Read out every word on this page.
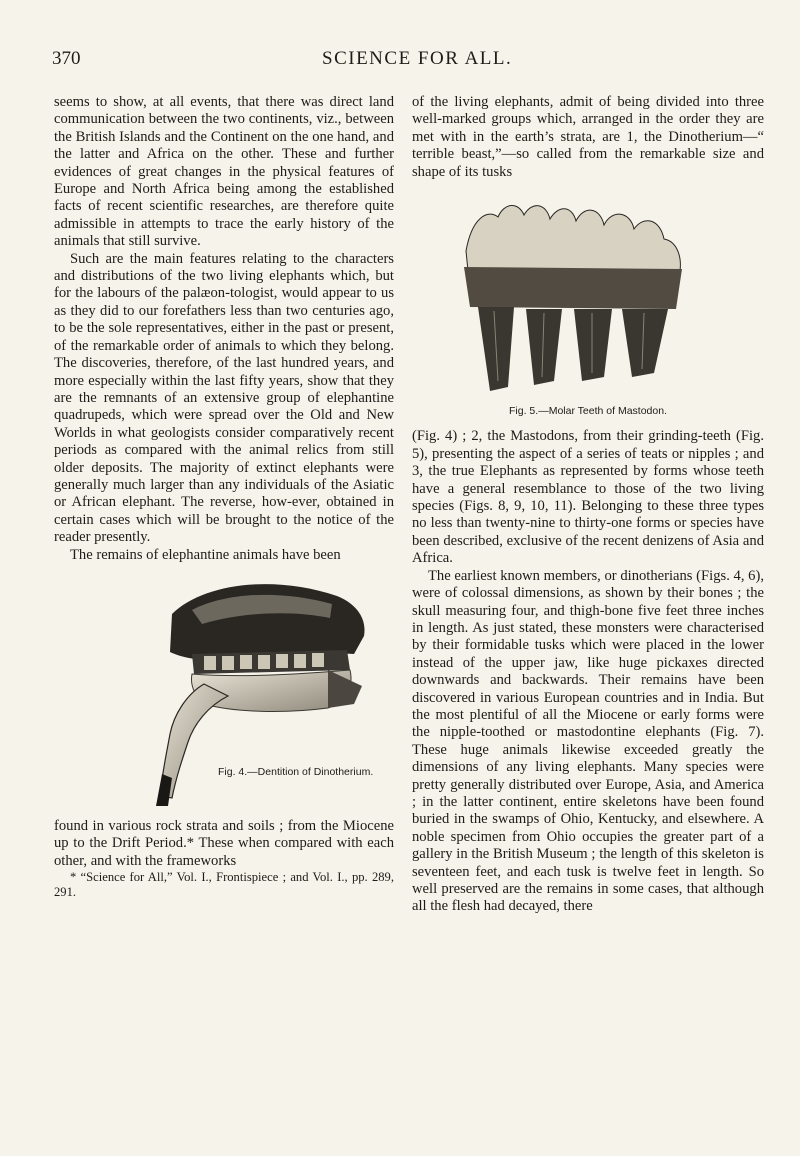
370	SCIENCE FOR ALL.

seems to show, at all events, that there was direct land communication between the two continents, viz., between the British Islands and the Continent on the one hand, and the latter and Africa on the other. These and further evidences of great changes in the physical features of Europe and North Africa being among the established facts of recent scientific researches, are therefore quite admissible in attempts to trace the early history of the animals that still survive.

Such are the main features relating to the characters and distributions of the two living elephants which, but for the labours of the palæon-tologist, would appear to us as they did to our forefathers less than two centuries ago, to be the sole representatives, either in the past or present, of the remarkable order of animals to which they belong. The discoveries, therefore, of the last hundred years, and more especially within the last fifty years, show that they are the remnants of an extensive group of elephantine quadrupeds, which were spread over the Old and New Worlds in what geologists consider comparatively recent periods as compared with the animal relics from still older deposits. The majority of extinct elephants were generally much larger than any individuals of the Asiatic or African elephant. The reverse, how-ever, obtained in certain cases which will be brought to the notice of the reader presently.

The remains of elephantine animals have been

Fig. 4.—Dentition of Dinotherium.

found in various rock strata and soils ; from the Miocene up to the Drift Period.* These when compared with each other, and with the frameworks

* “Science for All,” Vol. I., Frontispiece ; and Vol. I., pp. 289, 291.

of the living elephants, admit of being divided into three well-marked groups which, arranged in the order they are met with in the earth’s strata, are 1, the Dinotherium—“ terrible beast,”—so called from the remarkable size and shape of its tusks

Fig. 5.—Molar Teeth of Mastodon.

(Fig. 4) ; 2, the Mastodons, from their grinding-teeth (Fig. 5), presenting the aspect of a series of teats or nipples ; and 3, the true Elephants as represented by forms whose teeth have a general resemblance to those of the two living species (Figs. 8, 9, 10, 11). Belonging to these three types no less than twenty-nine to thirty-one forms or species have been described, exclusive of the recent denizens of Asia and Africa.

The earliest known members, or dinotherians (Figs. 4, 6), were of colossal dimensions, as shown by their bones ; the skull measuring four, and thigh-bone five feet three inches in length. As just stated, these monsters were characterised by their formidable tusks which were placed in the lower instead of the upper jaw, like huge pickaxes directed downwards and backwards. Their remains have been discovered in various European countries and in India. But the most plentiful of all the Miocene or early forms were the nipple-toothed or mastodontine elephants (Fig. 7). These huge animals likewise exceeded greatly the dimensions of any living elephants. Many species were pretty generally distributed over Europe, Asia, and America ; in the latter continent, entire skeletons have been found buried in the swamps of Ohio, Kentucky, and elsewhere. A noble specimen from Ohio occupies the greater part of a gallery in the British Museum ; the length of this skeleton is seventeen feet, and each tusk is twelve feet in length. So well preserved are the remains in some cases, that although all the flesh had decayed, there
